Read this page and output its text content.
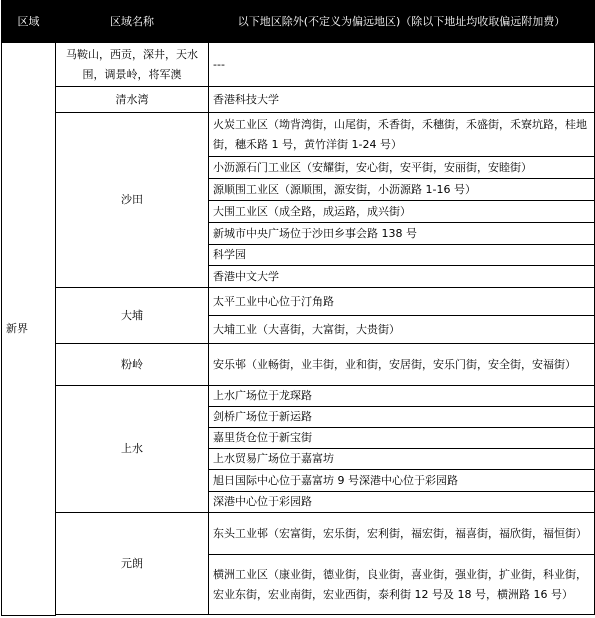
区域	区域名称	以下地区除外(不定义为偏远地区)（除以下地址均收取偏远附加费）
新界	马鞍山，西贡，深井，天水围，调景岭，将军澳	---
	清水湾	香港科技大学
	沙田	火炭工业区（坳背湾街，山尾街，禾香街，禾穗街，禾盛街，禾寮坑路，桂地街，穗禾路 1 号，黄竹洋街 1-24 号）
		小沥源石门工业区（安耀街，安心街，安平街，安丽街，安睦街）
		源顺围工业区（源顺围，源安街，小沥源路 1-16 号）
		大围工业区（成全路，成运路，成兴街）
		新城市中央广场位于沙田乡事会路 138 号
		科学园
		香港中文大学
	大埔	太平工业中心位于汀角路
		大埔工业（大喜街，大富街，大贵街）
	粉岭	安乐邨（业畅街，业丰街，业和街，安居街，安乐门街，安全街，安福街）
	上水	上水广场位于龙琛路
		剑桥广场位于新运路
		嘉里货仓位于新宝街
		上水贸易广场位于嘉富坊
		旭日国际中心位于嘉富坊 9 号深港中心位于彩园路
		深港中心位于彩园路
	元朗	东头工业邨（宏富街，宏乐街，宏利街，福宏街，福喜街，福欣街，福恒街）
		横洲工业区（康业街，德业街，良业街，喜业街，强业街，扩业街，科业街，宏业东街，宏业南街，宏业西街，泰利街 12 号及 18 号，横洲路 16 号）
